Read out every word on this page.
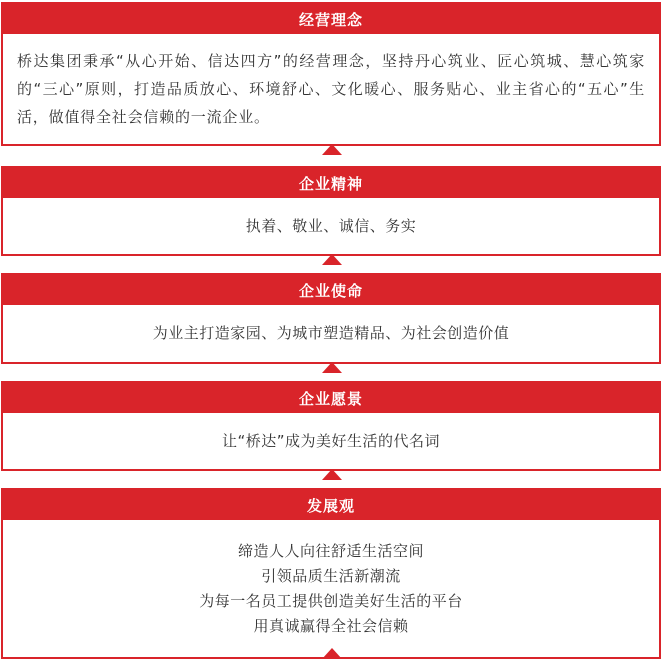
经营理念
桥达集团秉承“从心开始、信达四方”的经营理念，坚持丹心筑业、匠心筑城、慧心筑家的“三心”原则，打造品质放心、环境舒心、文化暖心、服务贴心、业主省心的“五心”生活，做值得全社会信赖的一流企业。
企业精神
执着、敬业、诚信、务实
企业使命
为业主打造家园、为城市塑造精品、为社会创造价值
企业愿景
让“桥达”成为美好生活的代名词
发展观
缔造人人向往舒适生活空间
引领品质生活新潮流
为每一名员工提供创造美好生活的平台
用真诚赢得全社会信赖
